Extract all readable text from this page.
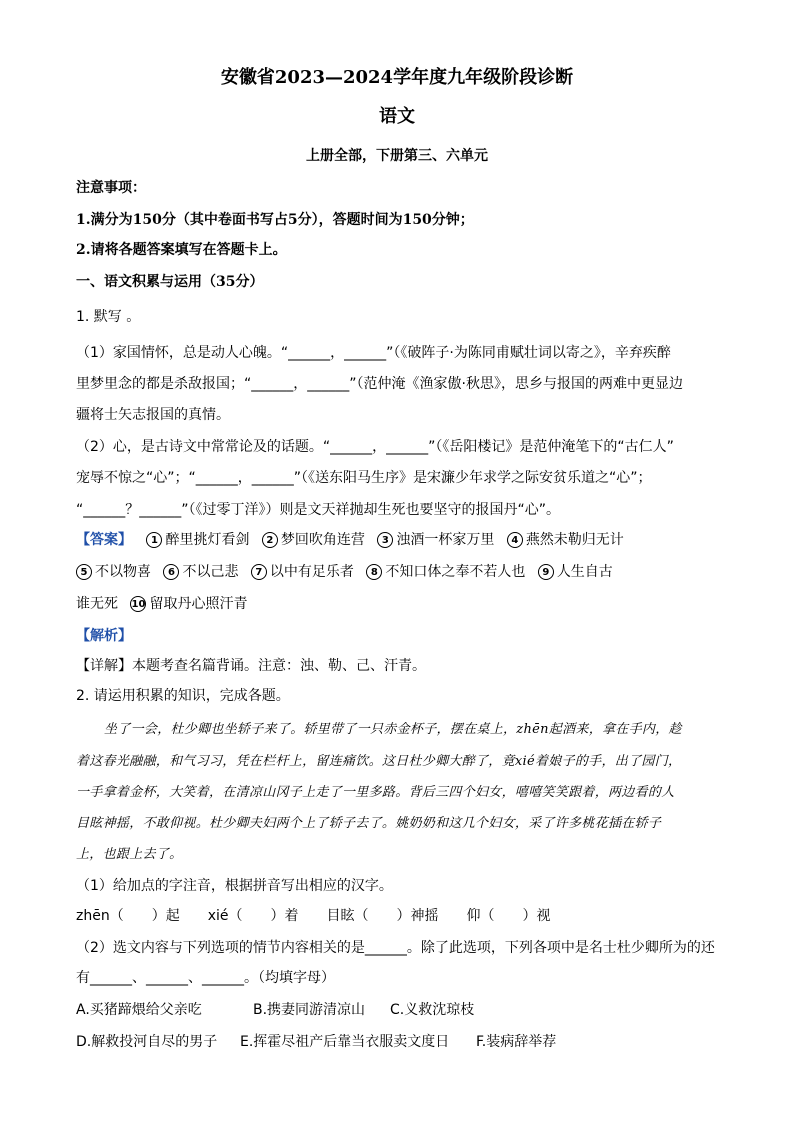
安徽省2023—2024学年度九年级阶段诊断
语文
上册全部，下册第三、六单元
注意事项：
1.满分为150分（其中卷面书写占5分），答题时间为150分钟；
2.请将各题答案填写在答题卡上。
一、语文积累与运用（35分）
1. 默写 。
（1）家国情怀，总是动人心魄。“______，______”（《破阵子·为陈同甫赋壮词以寄之》，辛弃疾醉
里梦里念的都是杀敌报国；“______，______”（范仲淹《渔家傲·秋思》，思乡与报国的两难中更显边
疆将士矢志报国的真情。
（2）心，是古诗文中常常论及的话题。“______，______”（《岳阳楼记》是范仲淹笔下的“古仁人”
宠辱不惊之“心”；“______，______”（《送东阳马生序》是宋濂少年求学之际安贫乐道之“心”；
“______？______”（《过零丁洋》）则是文天祥抛却生死也要坚守的报国丹“心”。
【答案】 1 醉里挑灯看剑 2 梦回吹角连营 3 浊酒一杯家万里 4 燕然未勒归无计
5 不以物喜 6 不以己悲 7 以中有足乐者 8 不知口体之奉不若人也 9 人生自古
谁无死 10 留取丹心照汗青
【解析】
【详解】本题考查名篇背诵。注意：浊、勒、己、汗青。
2. 请运用积累的知识，完成各题。
坐了一会，杜少卿也坐轿子来了。轿里带了一只赤金杯子，摆在桌上，zhēn起酒来，拿在手内，趁
着这春光融融，和气习习，凭在栏杆上，留连痛饮。这日杜少卿大醉了，竟xié着娘子的手，出了园门，
一手拿着金杯，大笑着，在清凉山冈子上走了一里多路。背后三四个妇女，嘻嘻笑笑跟着，两边看的人
目眩神摇，不敢仰视。杜少卿夫妇两个上了轿子去了。姚奶奶和这几个妇女，采了许多桃花插在轿子
上，也跟上去了。
（1）给加点的字注音，根据拼音写出相应的汉字。
zhēn（　　）起　　xié（　　）着　　目眩（　　）神摇　　仰（　　）视
（2）选文内容与下列选项的情节内容相关的是______。除了此选项，下列各项中是名士杜少卿所为的还
有______、______、______。（均填字母）
A.买猪蹄煨给父亲吃	B.携妻同游清凉山 C.义救沈琼枝
D.解救投河自尽的男子 E.挥霍尽祖产后靠当衣服卖文度日 F.装病辞举荐
